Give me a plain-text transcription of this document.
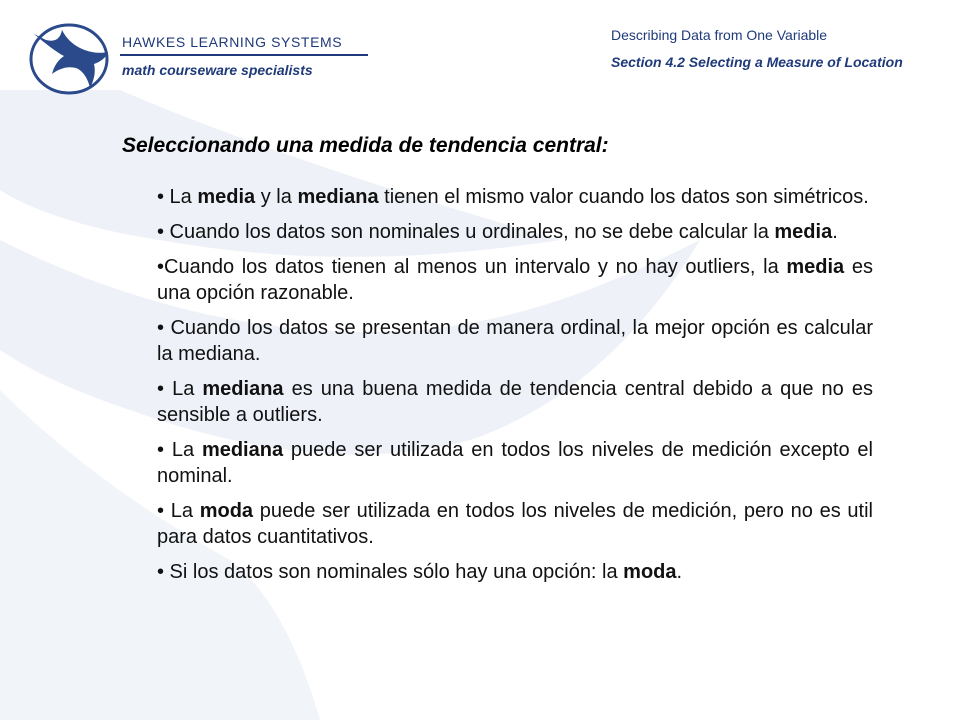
HAWKES LEARNING SYSTEMS
math courseware specialists
Describing Data from One Variable
Section 4.2 Selecting a Measure of Location
Seleccionando una medida de tendencia central:
• La media y la mediana tienen el mismo valor cuando los datos son simétricos.
• Cuando los datos son nominales u ordinales, no se debe calcular la media.
•Cuando los datos tienen al menos un intervalo y no hay outliers, la media es una opción razonable.
• Cuando los datos se presentan de manera ordinal, la mejor opción es calcular la mediana.
• La mediana es una buena medida de tendencia central debido a que no es sensible a outliers.
• La mediana puede ser utilizada en todos los niveles de medición excepto el nominal.
• La moda puede ser utilizada en todos los niveles de medición, pero no es util para datos cuantitativos.
• Si los datos son nominales sólo hay una opción: la moda.
